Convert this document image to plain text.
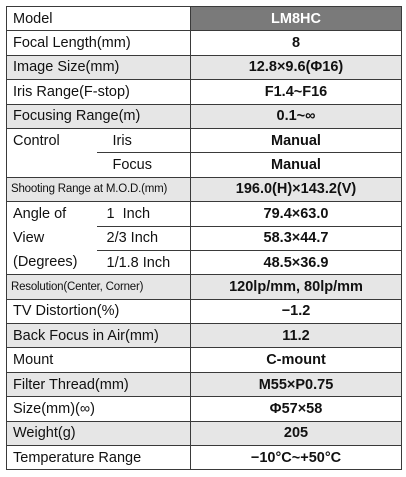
Model		LM8HC
Focal Length(mm)		8
Image Size(mm)		12.8×9.6(Φ16)
Iris Range(F-stop)		F1.4~F16
Focusing Range(m)		0.1~∞
Control	Iris	Manual
	Focus	Manual
Shooting Range at M.O.D.(mm)		196.0(H)×143.2(V)
Angle of	1  Inch	79.4×63.0
View	2/3 Inch	58.3×44.7
(Degrees)	1/1.8 Inch	48.5×36.9
Resolution(Center, Corner)		120lp/mm, 80lp/mm
TV Distortion(%)		−1.2
Back Focus in Air(mm)		11.2
Mount		C-mount
Filter Thread(mm)		M55×P0.75
Size(mm)(∞)		Φ57×58
Weight(g)		205
Temperature Range		−10°C~+50°C
